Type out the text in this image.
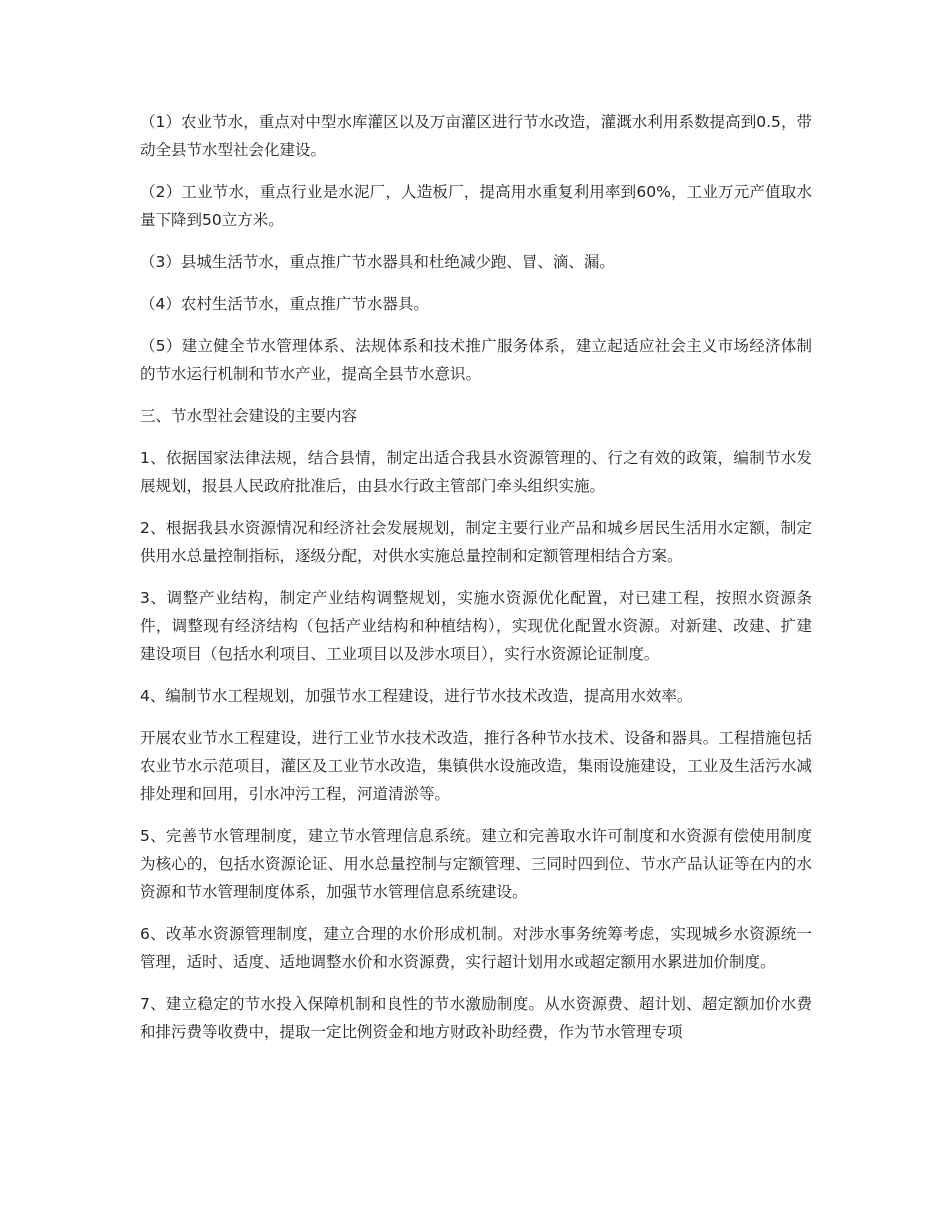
（1）农业节水，重点对中型水库灌区以及万亩灌区进行节水改造，灌溉水利用系数提高到0.5，带动全县节水型社会化建设。

（2）工业节水，重点行业是水泥厂，人造板厂，提高用水重复利用率到60%，工业万元产值取水量下降到50立方米。

（3）县城生活节水，重点推广节水器具和杜绝减少跑、冒、滴、漏。

（4）农村生活节水，重点推广节水器具。

（5）建立健全节水管理体系、法规体系和技术推广服务体系，建立起适应社会主义市场经济体制的节水运行机制和节水产业，提高全县节水意识。

三、节水型社会建设的主要内容

1、依据国家法律法规，结合县情，制定出适合我县水资源管理的、行之有效的政策，编制节水发展规划，报县人民政府批准后，由县水行政主管部门牵头组织实施。

2、根据我县水资源情况和经济社会发展规划，制定主要行业产品和城乡居民生活用水定额，制定供用水总量控制指标，逐级分配，对供水实施总量控制和定额管理相结合方案。

3、调整产业结构，制定产业结构调整规划，实施水资源优化配置，对已建工程，按照水资源条件，调整现有经济结构（包括产业结构和种植结构），实现优化配置水资源。对新建、改建、扩建建设项目（包括水利项目、工业项目以及涉水项目），实行水资源论证制度。

4、编制节水工程规划，加强节水工程建设，进行节水技术改造，提高用水效率。

开展农业节水工程建设，进行工业节水技术改造，推行各种节水技术、设备和器具。工程措施包括农业节水示范项目，灌区及工业节水改造，集镇供水设施改造，集雨设施建设，工业及生活污水减排处理和回用，引水冲污工程，河道清淤等。

5、完善节水管理制度，建立节水管理信息系统。建立和完善取水许可制度和水资源有偿使用制度为核心的，包括水资源论证、用水总量控制与定额管理、三同时四到位、节水产品认证等在内的水资源和节水管理制度体系，加强节水管理信息系统建设。

6、改革水资源管理制度，建立合理的水价形成机制。对涉水事务统筹考虑，实现城乡水资源统一管理，适时、适度、适地调整水价和水资源费，实行超计划用水或超定额用水累进加价制度。

7、建立稳定的节水投入保障机制和良性的节水激励制度。从水资源费、超计划、超定额加价水费和排污费等收费中，提取一定比例资金和地方财政补助经费，作为节水管理专项
